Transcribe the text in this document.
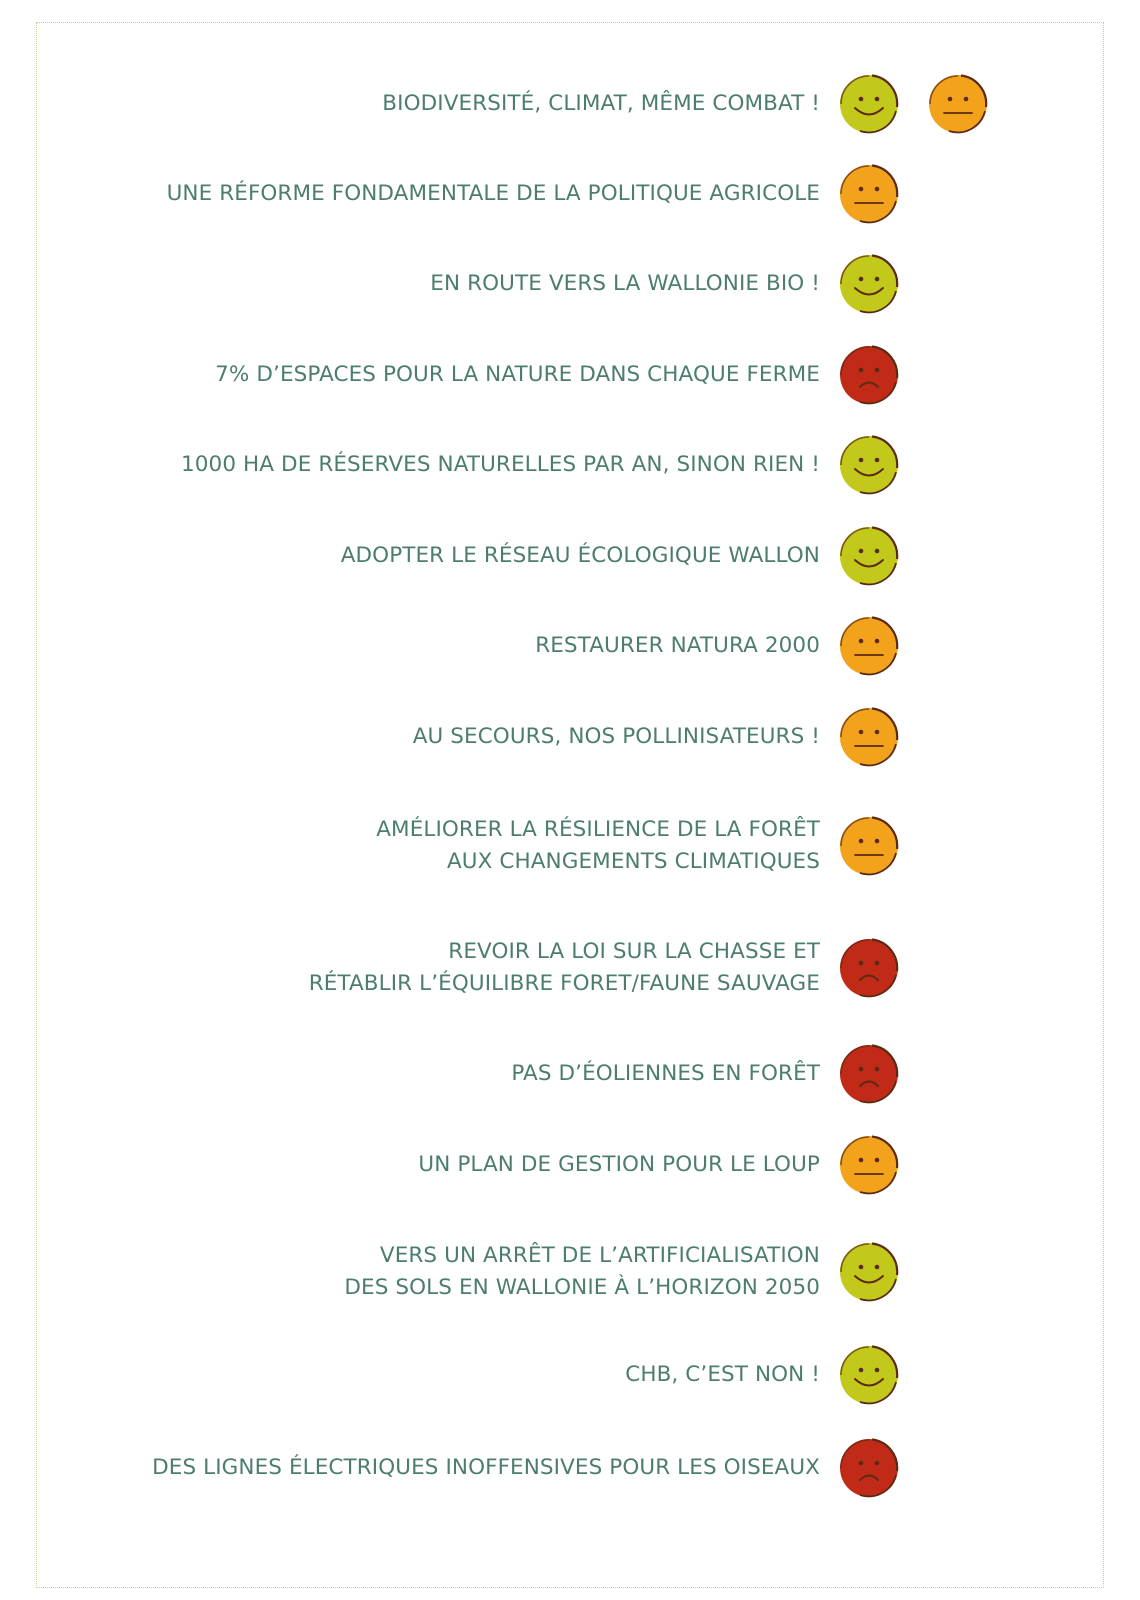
BIODIVERSITÉ, CLIMAT, MÊME COMBAT !
UNE RÉFORME FONDAMENTALE DE LA POLITIQUE AGRICOLE
EN ROUTE VERS LA WALLONIE BIO !
7% D’ESPACES POUR LA NATURE DANS CHAQUE FERME
1000 HA DE RÉSERVES NATURELLES PAR AN, SINON RIEN !
ADOPTER LE RÉSEAU ÉCOLOGIQUE WALLON
RESTAURER NATURA 2000
AU SECOURS, NOS POLLINISATEURS !
AMÉLIORER LA RÉSILIENCE DE LA FORÊT
AUX CHANGEMENTS CLIMATIQUES
REVOIR LA LOI SUR LA CHASSE ET
RÉTABLIR L’ÉQUILIBRE FORET/FAUNE SAUVAGE
PAS D’ÉOLIENNES EN FORÊT
UN PLAN DE GESTION POUR LE LOUP
VERS UN ARRÊT DE L’ARTIFICIALISATION
DES SOLS EN WALLONIE À L’HORIZON 2050
CHB, C’EST NON !
DES LIGNES ÉLECTRIQUES INOFFENSIVES POUR LES OISEAUX
